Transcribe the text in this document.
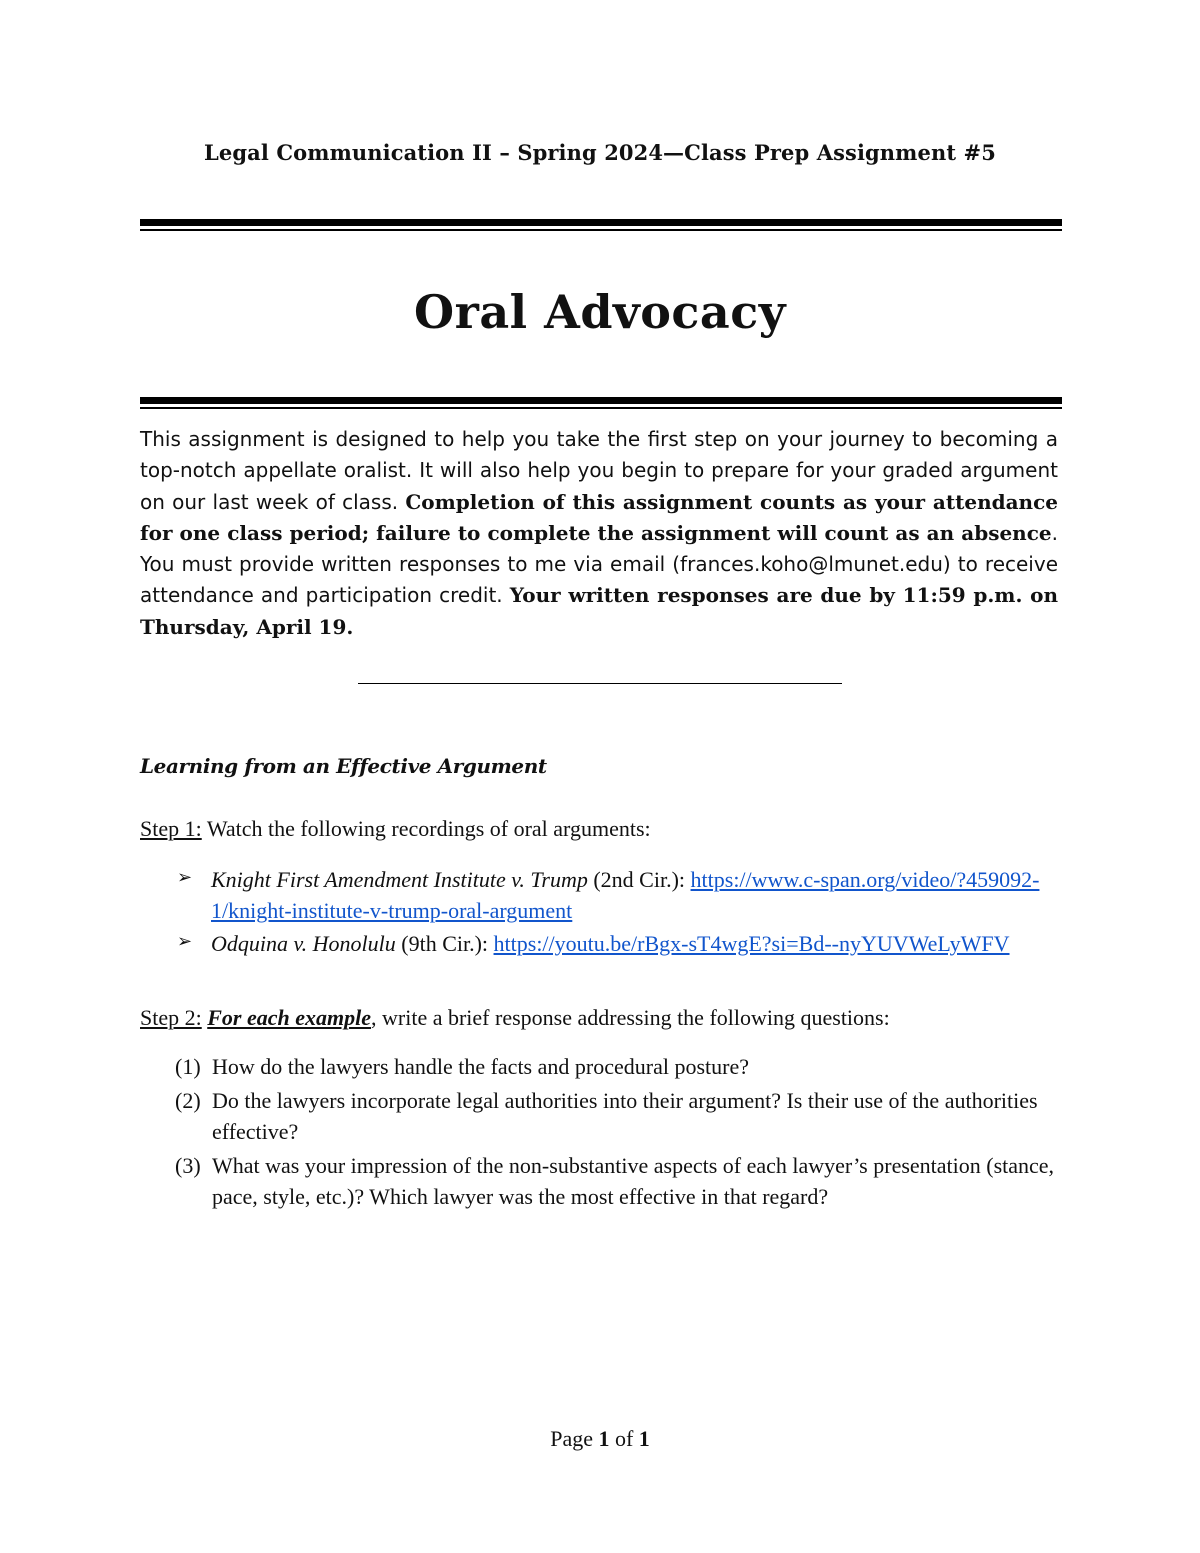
Legal Communication II – Spring 2024—Class Prep Assignment #5
Oral Advocacy
This assignment is designed to help you take the first step on your journey to becoming a top-notch appellate oralist. It will also help you begin to prepare for your graded argument on our last week of class. Completion of this assignment counts as your attendance for one class period; failure to complete the assignment will count as an absence. You must provide written responses to me via email (frances.koho@lmunet.edu) to receive attendance and participation credit. Your written responses are due by 11:59 p.m. on Thursday, April 19.
Learning from an Effective Argument
Step 1: Watch the following recordings of oral arguments:
➢ Knight First Amendment Institute v. Trump (2nd Cir.): https://www.c-span.org/video/?459092-1/knight-institute-v-trump-oral-argument
➢ Odquina v. Honolulu (9th Cir.): https://youtu.be/rBgx-sT4wgE?si=Bd--nyYUVWeLyWFV
Step 2: For each example, write a brief response addressing the following questions:
(1) How do the lawyers handle the facts and procedural posture?
(2) Do the lawyers incorporate legal authorities into their argument? Is their use of the authorities effective?
(3) What was your impression of the non-substantive aspects of each lawyer’s presentation (stance, pace, style, etc.)? Which lawyer was the most effective in that regard?
Page 1 of 1
